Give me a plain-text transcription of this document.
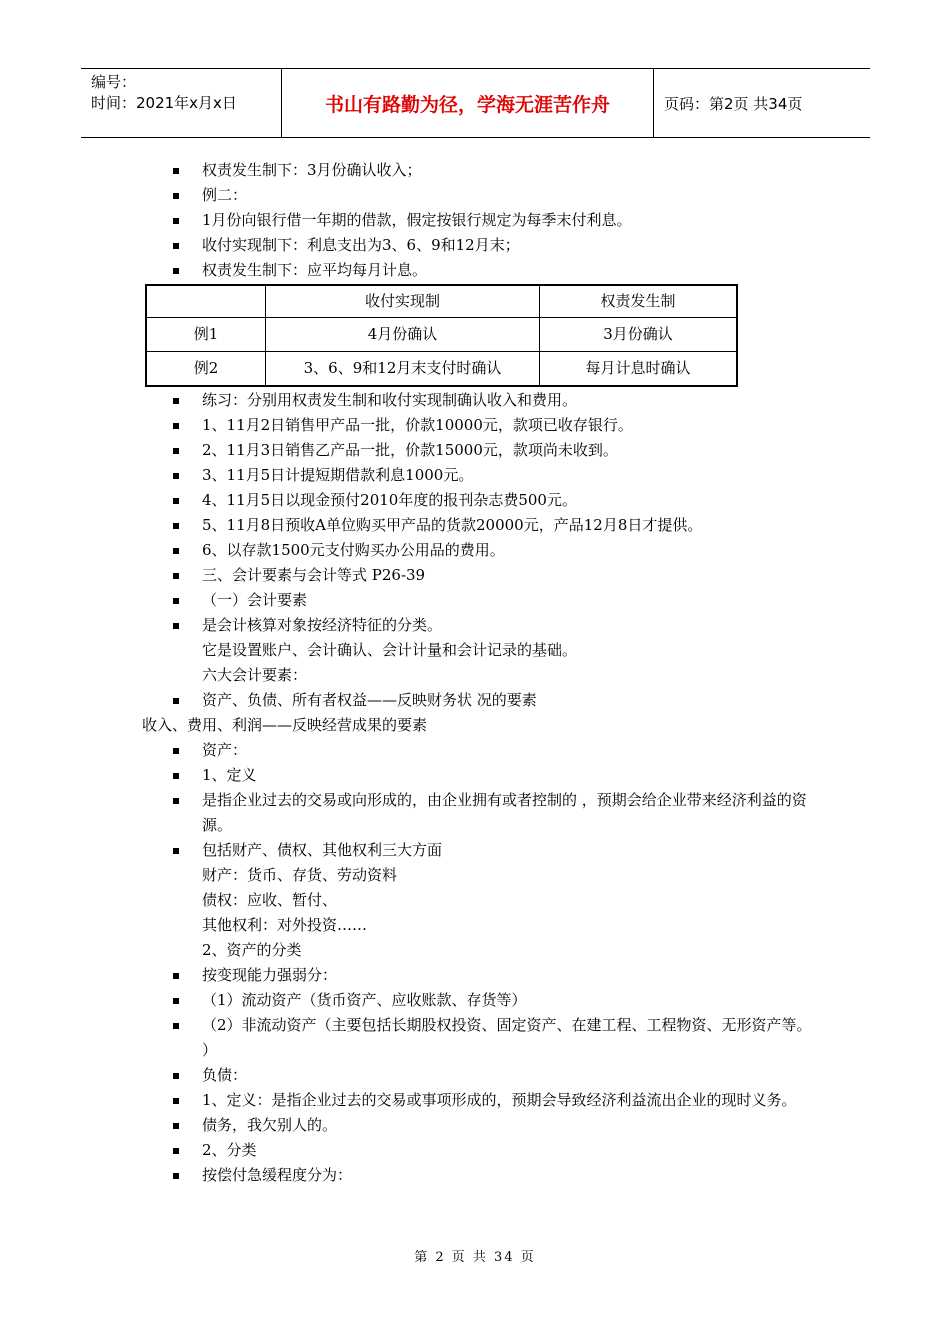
编号：
时间：2021年x月x日	书山有路勤为径，学海无涯苦作舟	页码：第2页 共34页
权责发生制下：3月份确认收入；
例二：
1月份向银行借一年期的借款，假定按银行规定为每季末付利息。
收付实现制下：利息支出为3、6、9和12月末；
权责发生制下：应平均每月计息。
	收付实现制	权责发生制
例1	4月份确认	3月份确认
例2	3、6、9和12月末支付时确认	每月计息时确认
练习：分别用权责发生制和收付实现制确认收入和费用。
1、11月2日销售甲产品一批，价款10000元，款项已收存银行。
2、11月3日销售乙产品一批，价款15000元，款项尚未收到。
3、11月5日计提短期借款利息1000元。
4、11月5日以现金预付2010年度的报刊杂志费500元。
5、11月8日预收A单位购买甲产品的货款20000元，产品12月8日才提供。
6、以存款1500元支付购买办公用品的费用。
三、会计要素与会计等式 P26-39
（一）会计要素
是会计核算对象按经济特征的分类。
它是设置账户、会计确认、会计计量和会计记录的基础。
六大会计要素：
资产、负债、所有者权益——反映财务状 况的要素
收入、费用、利润——反映经营成果的要素
资产：
1、定义
是指企业过去的交易或向形成的，由企业拥有或者控制的 ，预期会给企业带来经济利益的资源。
包括财产、债权、其他权利三大方面
财产：货币、存货、劳动资料
债权：应收、暂付、
其他权利：对外投资……
2、资产的分类
按变现能力强弱分：
（1）流动资产（货币资产、应收账款、存货等）
（2）非流动资产（主要包括长期股权投资、固定资产、在建工程、工程物资、无形资产等。 ）
负债：
1、定义：是指企业过去的交易或事项形成的，预期会导致经济利益流出企业的现时义务。
债务，我欠别人的。
2、分类
按偿付急缓程度分为：
第 2 页 共 34 页
